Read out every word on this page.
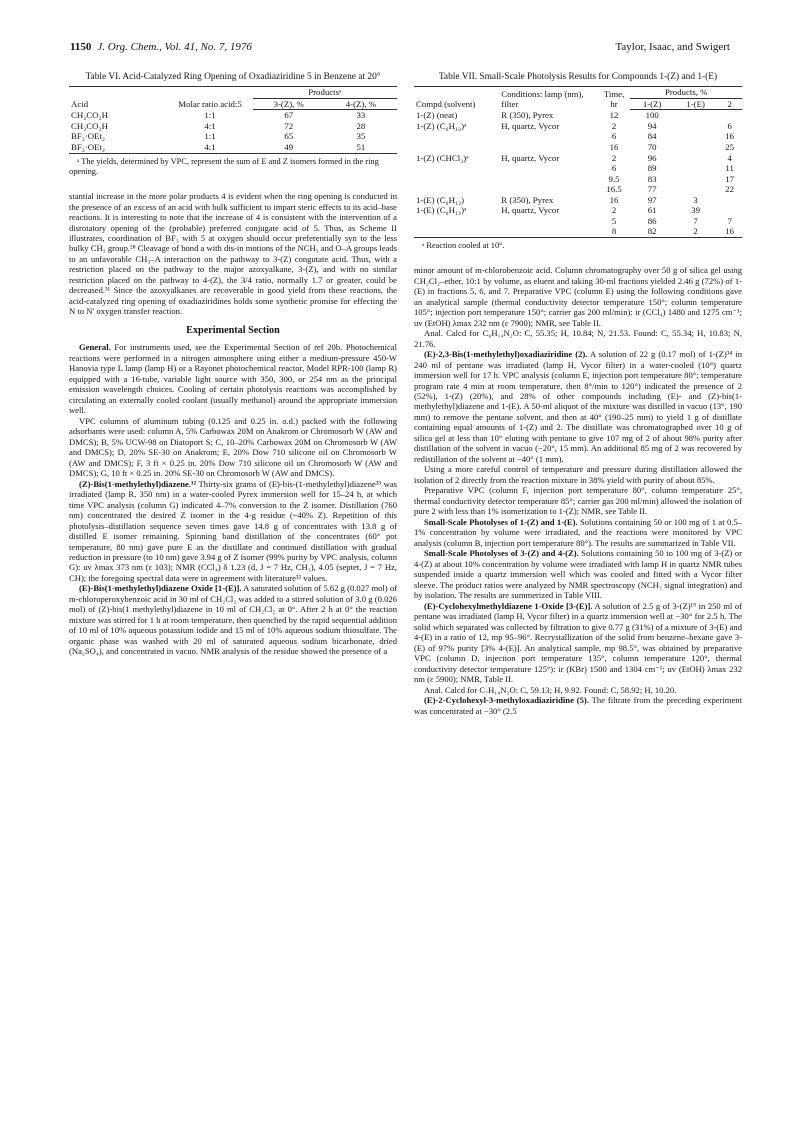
1150 J. Org. Chem., Vol. 41, No. 7, 1976	Taylor, Isaac, and Swigert
Table VI. Acid-Catalyzed Ring Opening of Oxadiaziridine 5 in Benzene at 20°
Acid	Molar ratio acid:5	Productsᵃ	
		3-(Z), %	4-(Z), %
CH₂CO₂H	1:1	67	33
CH₃CO₂H	4:1	72	28
BF₃·OEt₂	1:1	65	35
BF₃·OEt₂	4:1	49	51
ᵃ The yields, determined by VPC, represent the sum of E and Z isomers formed in the ring opening.

stantial increase in the more polar products 4 is evident when the ring opening is conducted in the presence of an excess of an acid with bulk sufficient to impart steric effects to its acid–base reactions. It is interesting to note that the increase of 4 is consistent with the intervention of a disrotatory opening of the (probable) preferred conjugate acid of 5. Thus, as Scheme II illustrates, coordination of BF₃ with 5 at oxygen should occur preferentially syn to the less bulky CH₃ group.²⁸ Cleavage of bond a with dis-in motions of the NCH₃ and O–A groups leads to an unfavorable CH₃–A interaction on the pathway to 3-(Z) congutate acid. Thus, with a restriction placed on the pathway to the major azoxyalkane, 3-(Z), and with no similar restriction placed on the pathway to 4-(Z), the 3/4 ratio, normally 1.7 or greater, could be decreased.³¹ Since the azoxyalkanes are recoverable in good yield from these reactions, the acid-catalyzed ring opening of oxadiaziridines holds some synthetic promise for effecting the N to N′ oxygen transfer reaction.

Experimental Section

General. For instruments used, see the Experimental Section of ref 20b. Photochemical reactions were performed in a nitrogen atmosphere using either a medium-pressure 450-W Hanovia type L lamp (lamp H) or a Rayonet photochemical reactor, Model RPR-100 (lamp R) equipped with a 16-tube, variable light source with 350, 300, or 254 nm as the principal emission wavelength choices. Cooling of certain photolysis reactions was accomplished by circulating an externally cooled coolant (usually methanol) around the appropriate immersion well.

VPC columns of aluminum tubing (0.125 and 0.25 in. o.d.) packed with the following adsorbants were used: column A, 5% Carbowax 20M on Anakrom or Chromosorb W (AW and DMCS); B, 5% UCW-98 on Diatoport S; C, 10–20% Carbowax 20M on Chromosorb W (AW and DMCS); D, 20% SE-30 on Anakrom; E, 20% Dow 710 silicone oil on Chromosorb W (AW and DMCS); F, 3 ft × 0.25 in. 20% Dow 710 silicone oil on Chromosorb W (AW and DMCS); G, 10 ft × 0.25 in. 20% SE-30 on Chromosorb W (AW and DMCS).

(Z)-Bis(1-methylethyl)diazene.³² Thirty-six grams of (E)-bis-(1-methylethyl)diazene³³ was irradiated (lamp R, 350 nm) in a water-cooled Pyrex immersion well for 15–24 h, at which time VPC analysis (column G) indicated 4–7% conversion to the Z isomer. Distillation (760 nm) concentrated the desired Z isomer in the 4-g residue (~40% Z). Repetition of this photolysis–distillation sequence seven times gave 14.8 g of concentrates with 13.8 g of distilled E isomer remaining. Spinning band distillation of the concentrates (60° pot temperature, 80 nm) gave pure E as the distillate and continued distillation with gradual reduction in pressure (to 10 nm) gave 3.94 g of Z isomer (99% purity by VPC analysis, column G): uv λmax 373 nm (ε 103); NMR (CCl₄) δ 1.23 (d, J = 7 Hz, CH₃), 4.05 (septet, J = 7 Hz, CH); the foregoing spectral data were in agreement with literature³² values.

(E)-Bis(1-methylethyl)diazene Oxide [1-(E)]. A saturated solution of 5.62 g (0.027 mol) of m-chloroperoxybenzoic acid in 30 ml of CH₂Cl₂ was added to a stirred solution of 3.0 g (0.026 mol) of (Z)-bis(1 methylethyl)diazene in 10 ml of CH₂Cl₂ at 0°. After 2 h at 0° the reaction mixture was stirred for 1 h at room temperature, then quenched by the rapid sequential addition of 10 ml of 10% aqueous potassium iodide and 15 ml of 10% aqueous sodium thiosulfate. The organic phase was washed with 20 ml of saturated aqueous sodium bicarbonate, dried (Na₂SO₄), and concentrated in vacuo. NMR analysis of the residue showed the presence of a

Table VII. Small-Scale Photolysis Results for Compounds 1-(Z) and 1-(E)
Compd (solvent)	Conditions: lamp (nm), filter	Time, hr	Products, %		
			1-(Z)	1-(E)	2
1-(Z) (neat)	R (350), Pyrex	12	100		
1-(Z) (C₆H₁₂)ᵃ	H, quartz, Vycor	2	94		6
		6	84		16
		16	70		25
1-(Z) (CHCl₃)ᵃ	H, quartz, Vycor	2	96		4
		6	89		11
		9.5	83		17
		16.5	77		22
1-(E) (C₆H₁₂)	R (350), Pyrex	16	97	3	
1-(E) (C₆H₁₂)ᵃ	H, quartz, Vycor	2	61	39	
		5	86	7	7
		8	82	2	16
ᵃ Reaction cooled at 10°.

minor amount of m-chlorobenzoic acid. Column chromatography over 50 g of silica gel using CH₂Cl₂–ether, 10:1 by volume, as eluent and taking 30-ml fractions yielded 2.46 g (72%) of 1-(E) in fractions 5, 6, and 7. Preparative VPC (column E) using the following conditions gave an analytical sample (thermal conductivity detector temperature 150°; column temperature 105°; injection port temperature 150°; carrier gas 200 ml/min): ir (CCl₄) 1480 and 1275 cm⁻¹; uv (EtOH) λmax 232 nm (ε 7900); NMR, see Table II.

Anal. Calcd for C₆H₁₄N₂O: C, 55.35; H, 10.84; N, 21.53. Found: C, 55.34; H, 10.83; N, 21.76.

(E)-2,3-Bis(1-methylethyl)oxadiaziridine (2). A solution of 22 g (0.17 mol) of 1-(Z)³⁴ in 240 ml of pentane was irradiated (lamp H, Vycor filter) in a water-cooled (10°) quartz immersion well for 17 h. VPC analysis (column E, injection port temperature 80°; temperature program rate 4 min at room temperature, then 8°/min to 120°) indicated the presence of 2 (52%), 1-(Z) (20%), and 28% of other compounds including (E)- and (Z)-bis(1-methylethyl)diazene and 1-(E). A 50-ml aliquot of the mixture was distilled in vacuo (13°, 190 mm) to remove the pentane solvent, and then at 40° (190–25 mm) to yield 1 g of distillate containing equal amounts of 1-(Z) and 2. The distillate was chromatographed over 10 g of silica gel at less than 10° eluting with pentane to give 107 mg of 2 of about 98% purity after distillation of the solvent in vacuo (−20°, 15 mm). An additional 85 mg of 2 was recovered by redistillation of the solvent at −40° (1 mm).

Using a more careful control of temperature and pressure during distillation allowed the isolation of 2 directly from the reaction mixture in 38% yield with purity of about 85%.

Preparative VPC (column F, injection port temperature 80°, column temperature 25°, thermal conductivity detector temperature 85°; carrier gas 200 ml/min) allowed the isolation of pure 2 with less than 1% isomerization to 1-(Z); NMR, see Table II.

Small-Scale Photolyses of 1-(Z) and 1-(E). Solutions containing 50 or 100 mg of 1 at 0.5–1% concentration by volume were irradiated, and the reactions were monitored by VPC analysis (column B, injection port temperature 80°). The results are summarized in Table VII.

Small-Scale Photolyses of 3-(Z) and 4-(Z). Solutions containing 50 to 100 mg of 3-(Z) or 4-(Z) at about 10% concentration by volume were irradiated with lamp H in quartz NMR tubes suspended inside a quartz immersion well which was cooled and fitted with a Vycor filter sleeve. The product ratios were analyzed by NMR spectroscopy (NCH₃ signal integration) and by isolation. The results are summerized in Table VIII.

(E)-Cyclohexylmethyldiazene 1-Oxide [3-(E)]. A solution of 2.5 g of 3-(Z)¹⁹ in 250 ml of pentane was irradiated (lamp H, Vycor filter) in a quartz immersion well at −30° for 2.5 h. The solid which separated was collected by filtration to give 0.77 g (31%) of a mixture of 3-(E) and 4-(E) in a ratio of 12, mp 95–96°. Recrystallization of the solid from benzene–hexane gave 3-(E) of 97% purity [3% 4-(E)]. An analytical sample, mp 98.5°, was obtained by preparative VPC (column D, injection port temperature 135°, column temperature 120°, thermal conductivity detector temperature 125°): ir (KBr) 1500 and 1304 cm⁻¹; uv (EtOH) λmax 232 nm (ε 5900); NMR, Table II.

Anal. Calcd for C₇H₁₄N₂O: C, 59.13; H, 9.92. Found: C, 58.92; H, 10.20.

(E)-2-Cyclohexyl-3-methyloxadiaziridine (5). The filtrate from the preceding experiment was concentrated at −30° (2.5
